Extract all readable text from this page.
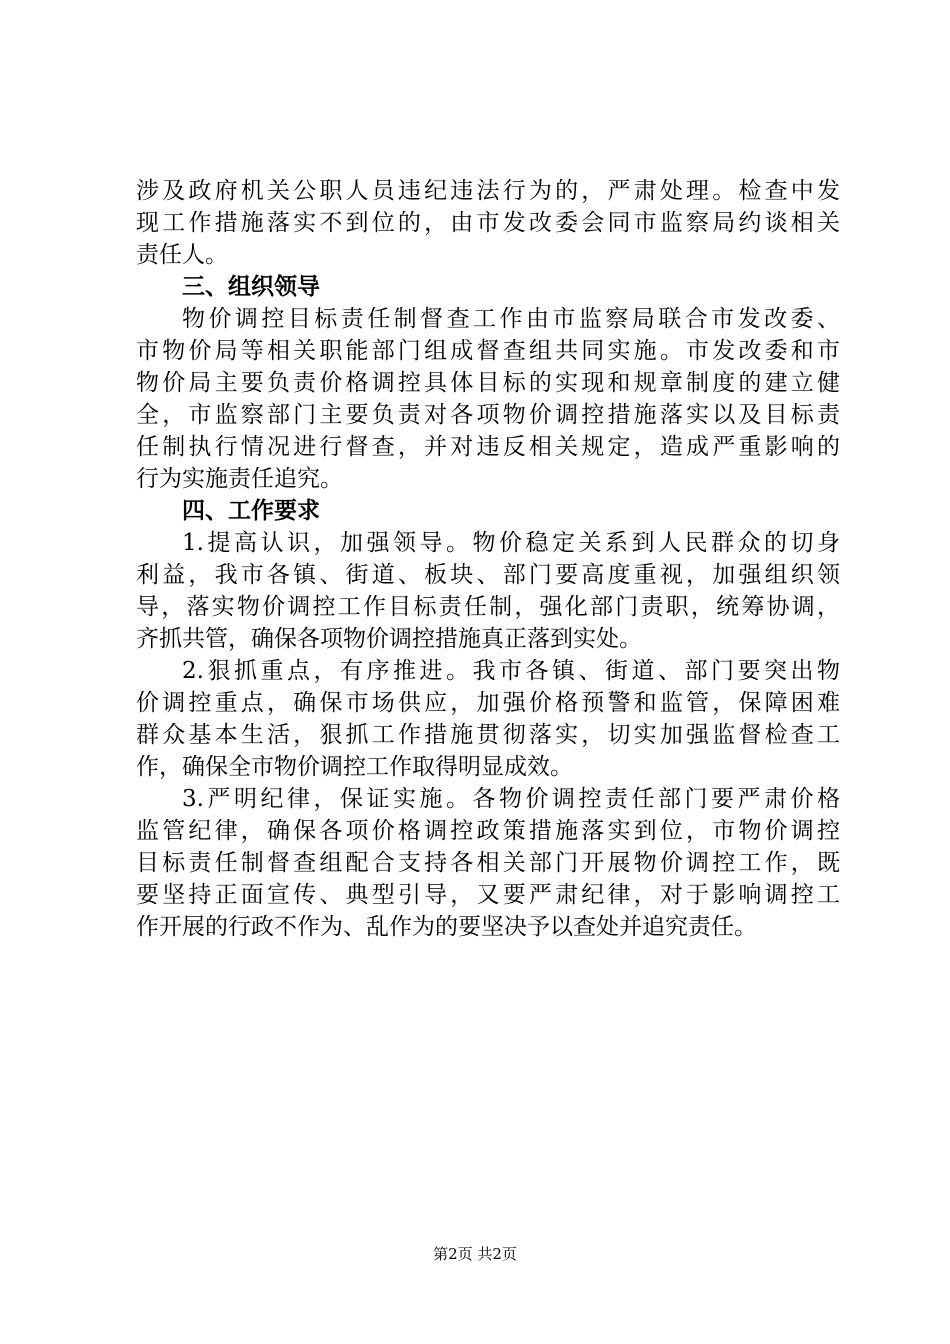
涉及政府机关公职人员违纪违法行为的，严肃处理。检查中发
现工作措施落实不到位的，由市发改委会同市监察局约谈相关
责任人。
三、组织领导
物价调控目标责任制督查工作由市监察局联合市发改委、
市物价局等相关职能部门组成督查组共同实施。市发改委和市
物价局主要负责价格调控具体目标的实现和规章制度的建立健
全，市监察部门主要负责对各项物价调控措施落实以及目标责
任制执行情况进行督查，并对违反相关规定，造成严重影响的
行为实施责任追究。
四、工作要求
1.提高认识，加强领导。物价稳定关系到人民群众的切身
利益，我市各镇、街道、板块、部门要高度重视，加强组织领
导，落实物价调控工作目标责任制，强化部门责职，统筹协调，
齐抓共管，确保各项物价调控措施真正落到实处。
2.狠抓重点，有序推进。我市各镇、街道、部门要突出物
价调控重点，确保市场供应，加强价格预警和监管，保障困难
群众基本生活，狠抓工作措施贯彻落实，切实加强监督检查工
作，确保全市物价调控工作取得明显成效。
3.严明纪律，保证实施。各物价调控责任部门要严肃价格
监管纪律，确保各项价格调控政策措施落实到位，市物价调控
目标责任制督查组配合支持各相关部门开展物价调控工作，既
要坚持正面宣传、典型引导，又要严肃纪律，对于影响调控工
作开展的行政不作为、乱作为的要坚决予以查处并追究责任。
第2页 共2页
